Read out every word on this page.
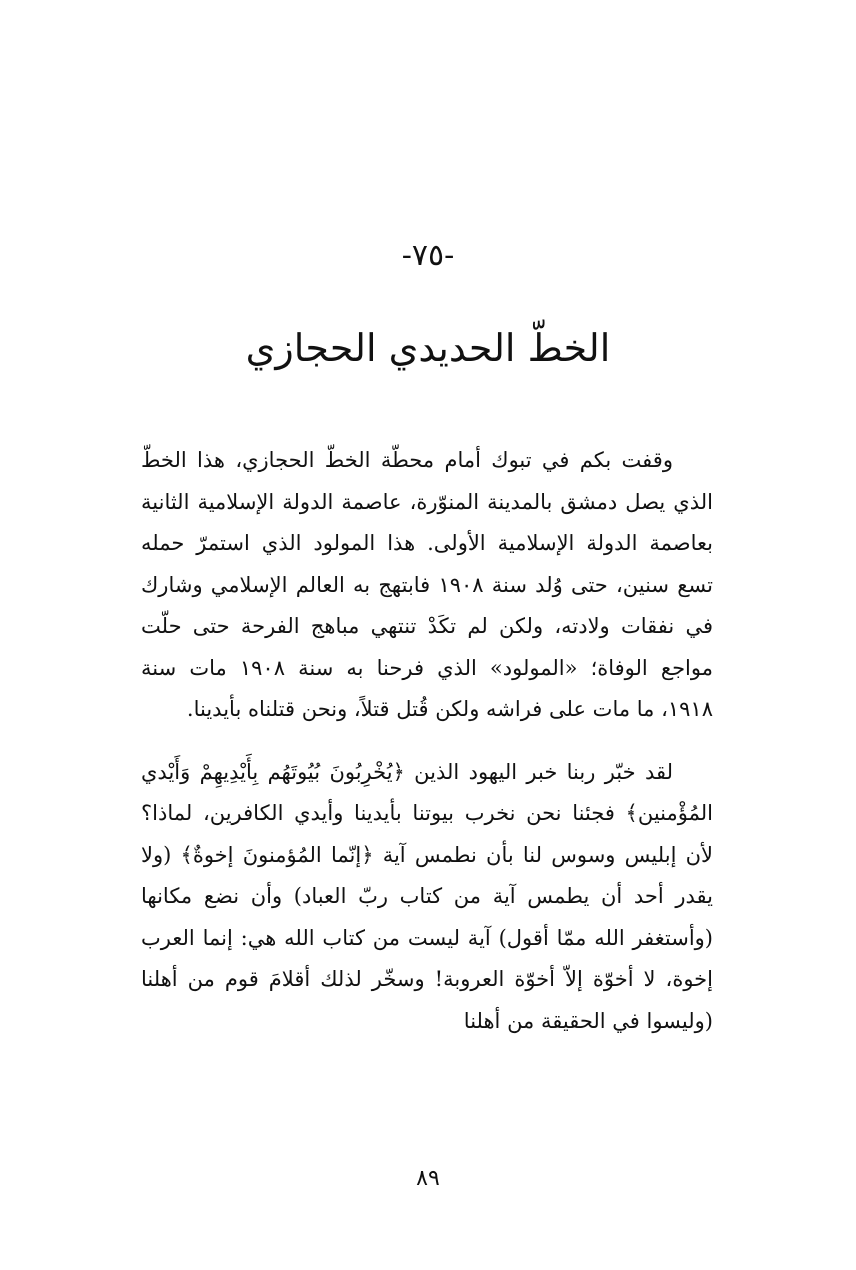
-٧٥-
الخطّ الحديدي الحجازي

وقفت بكم في تبوك أمام محطّة الخطّ الحجازي، هذا الخطّ الذي يصل دمشق بالمدينة المنوّرة، عاصمة الدولة الإسلامية الثانية بعاصمة الدولة الإسلامية الأولى. هذا المولود الذي استمرّ حمله تسع سنين، حتى وُلد سنة ١٩٠٨ فابتهج به العالم الإسلامي وشارك في نفقات ولادته، ولكن لم تكَدْ تنتهي مباهج الفرحة حتى حلّت مواجع الوفاة؛ «المولود» الذي فرحنا به سنة ١٩٠٨ مات سنة ١٩١٨، ما مات على فراشه ولكن قُتل قتلاً، ونحن قتلناه بأيدينا.

لقد خبّر ربنا خبر اليهود الذين ﴿يُخْرِبُونَ بُيُوتَهُم بِأَيْدِيهِمْ وَأَيْدي المُؤْمنين﴾ فجئنا نحن نخرب بيوتنا بأيدينا وأيدي الكافرين، لماذا؟ لأن إبليس وسوس لنا بأن نطمس آية ﴿إنّما المُؤمنونَ إخوةٌ﴾ (ولا يقدر أحد أن يطمس آية من كتاب ربّ العباد) وأن نضع مكانها (وأستغفر الله ممّا أقول) آية ليست من كتاب الله هي: إنما العرب إخوة، لا أخوّة إلاّ أخوّة العروبة! وسخّر لذلك أقلامَ قوم من أهلنا (وليسوا في الحقيقة من أهلنا

٨٩
